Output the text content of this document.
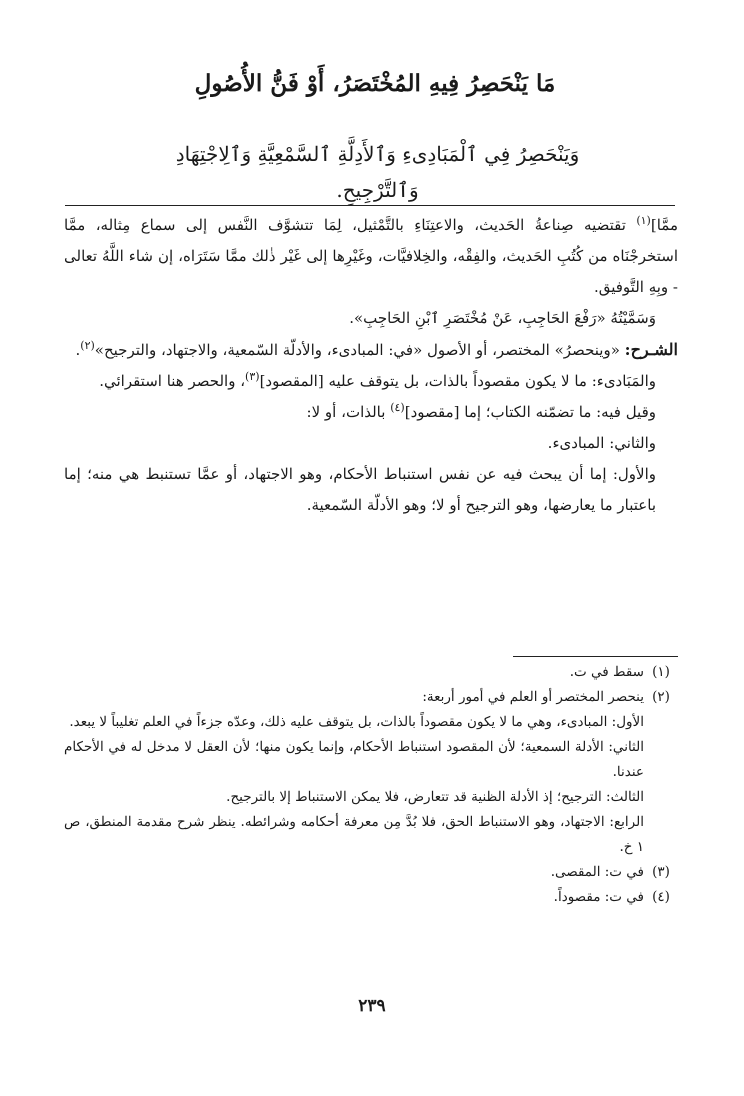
مَا يَنْحَصِرُ فِيهِ المُخْتَصَرُ، أَوْ فَنُّ الأُصُولِ
وَيَنْحَصِرُ فِي ٱلْمَبَادِىءِ وَٱلأَدِلَّةِ ٱلسَّمْعِيَّةِ وَٱلِاجْتِهَادِ وَٱلتَّرْجِيحِ.

ممَّا]$^{(١)}$ تقتضيه صِناعةُ الحَديث، والاعتِنَاءِ بالتَّمْثيل، لِمَا تتشوَّف النَّفس إلى سماع مِثاله، ممَّا استخرجْنَاه من كُتُبِ الحَديث، والفِقْه، والخِلافيَّات، وغَيْرِها إلى غَيْر ذٰلك ممَّا سَتَرَاه، إن شاء اللَّهُ تعالى - وبِهِ التَّوفيق.

وَسَمَّيْتُهُ «رَفْعَ الحَاجِبِ، عَنْ مُخْتَصَرِ ٱبْنِ الحَاجِبِ».

الشـرح: «وينحصرُ» المختصر، أو الأصول «في: المبادىء، والأدلّة السّمعية، والاجتهاد، والترجيح»$^{(٢)}$.

والمَبَادىء: ما لا يكون مقصوداً بالذات، بل يتوقف عليه [المقصود]$^{(٣)}$، والحصر هنا استقرائي.

وقيل فيه: ما تضمّنه الكتاب؛ إما [مقصود]$^{(٤)}$ بالذات، أو لا:

والثاني: المبادىء.

والأول: إما أن يبحث فيه عن نفس استنباط الأحكام، وهو الاجتهاد، أو عمَّا تستنبط هي منه؛ إما باعتبار ما يعارضها، وهو الترجيح أو لا؛ وهو الأدلّة السّمعية.

(١)

سقط في ت.

(٢)

ينحصر المختصر أو العلم في أمور أربعة:

الأول: المبادىء، وهي ما لا يكون مقصوداً بالذات، بل يتوقف عليه ذلك، وعدّه جزءاً في العلم تغليباً لا يبعد.

الثاني: الأدلة السمعية؛ لأن المقصود استنباط الأحكام، وإنما يكون منها؛ لأن العقل لا مدخل له في الأحكام عندنا.

الثالث: الترجيح؛ إذ الأدلة الظنية قد تتعارض، فلا يمكن الاستنباط إلا بالترجيح.

الرابع: الاجتهاد، وهو الاستنباط الحق، فلا بُدَّ مِن معرفة أحكامه وشرائطه. ينظر شرح مقدمة المنطق، ص ١ خ.

(٣)

في ت: المقصى.

(٤)

في ت: مقصوداً.

٢٣٩
